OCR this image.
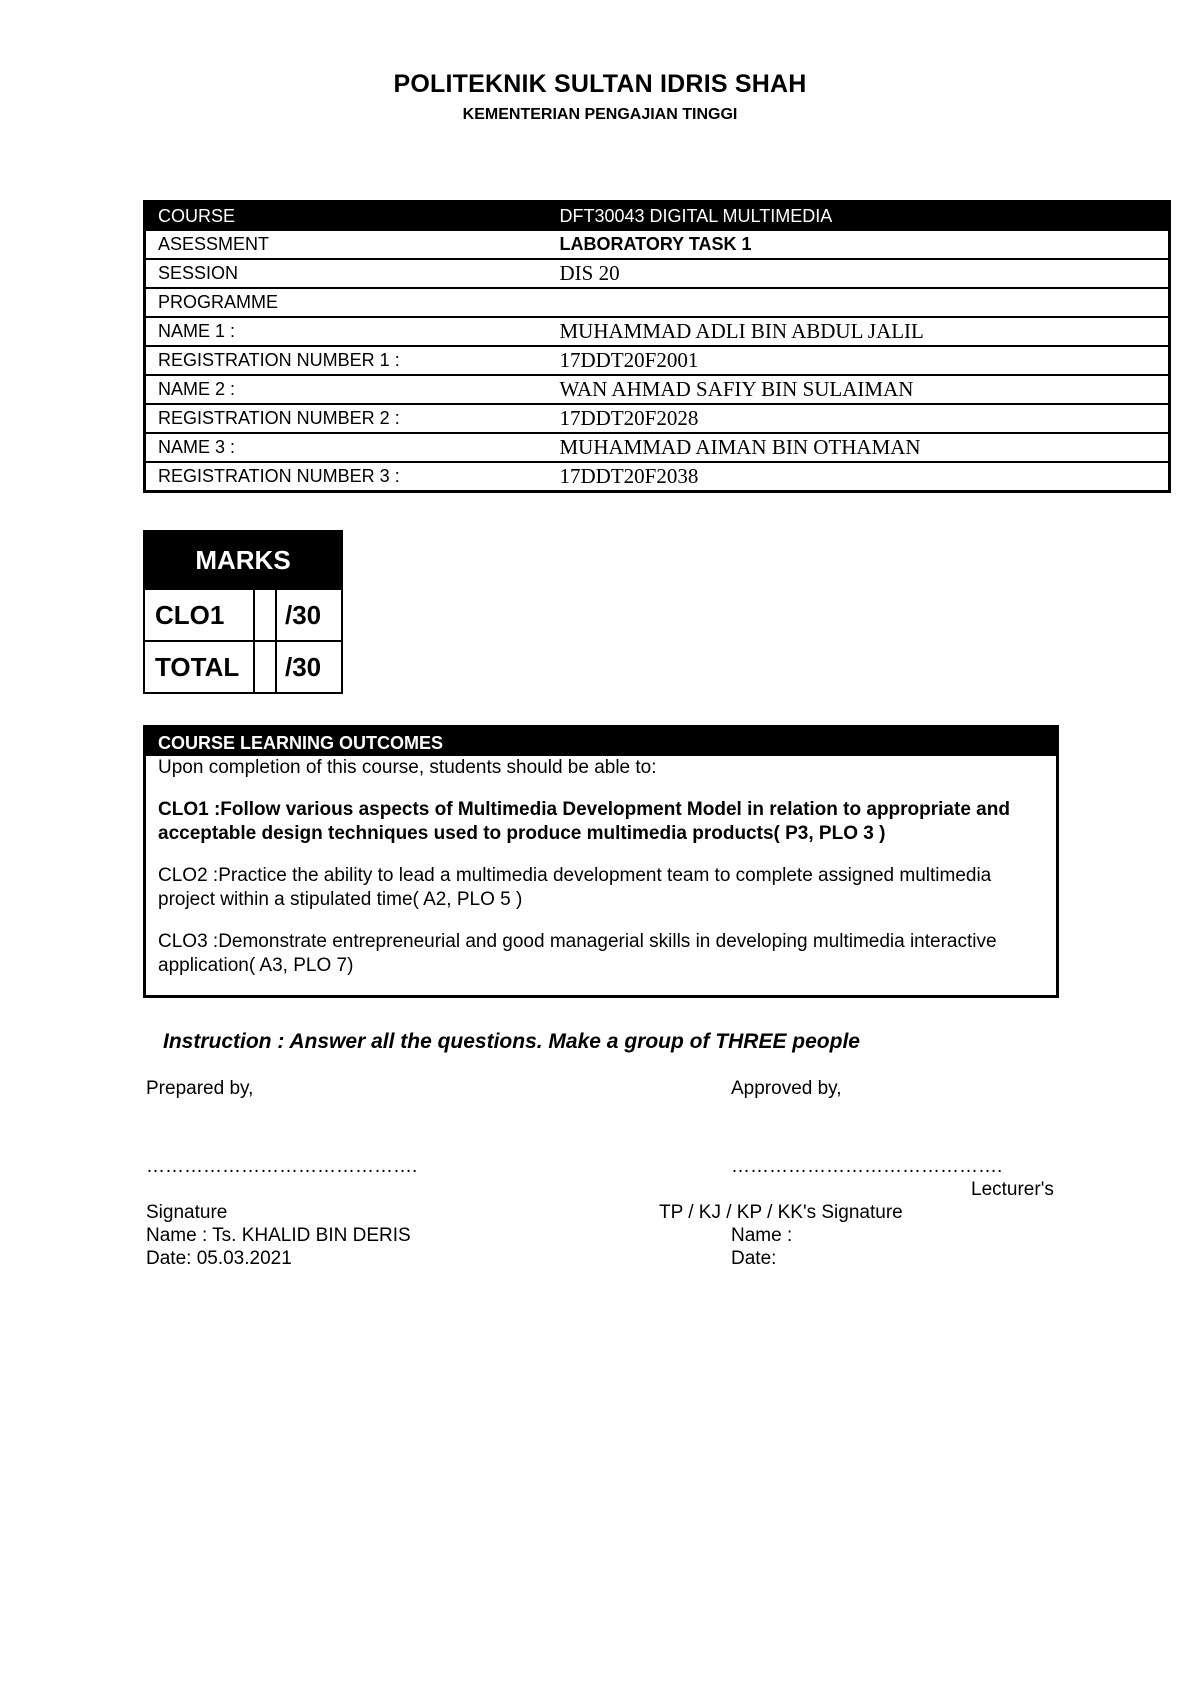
POLITEKNIK SULTAN IDRIS SHAH
KEMENTERIAN PENGAJIAN TINGGI
COURSE	DFT30043 DIGITAL MULTIMEDIA
ASESSMENT	LABORATORY TASK 1
SESSION	DIS 20
PROGRAMME	
NAME 1 :	MUHAMMAD ADLI BIN ABDUL JALIL
REGISTRATION NUMBER 1 :	17DDT20F2001
NAME 2 :	WAN AHMAD SAFIY BIN SULAIMAN
REGISTRATION NUMBER 2 :	17DDT20F2028
NAME 3 :	MUHAMMAD AIMAN BIN OTHAMAN
REGISTRATION NUMBER 3 :	17DDT20F2038
MARKS		
CLO1		/30
TOTAL		/30
COURSE LEARNING OUTCOMES
Upon completion of this course, students should be able to:
CLO1 :Follow various aspects of Multimedia Development Model in relation to appropriate and acceptable design techniques used to produce multimedia products( P3, PLO 3 )
CLO2 :Practice the ability to lead a multimedia development team to complete assigned multimedia project within a stipulated time( A2, PLO 5 )
CLO3 :Demonstrate entrepreneurial and good managerial skills in developing multimedia interactive application( A3, PLO 7)
Instruction : Answer all the questions. Make a group of THREE people
Prepared by,
…………………………………….
Signature
Name : Ts. KHALID BIN DERIS
Date: 05.03.2021
Approved by,
…………………………………….
Lecturer's
TP / KJ / KP / KK's Signature
Name :
Date:
